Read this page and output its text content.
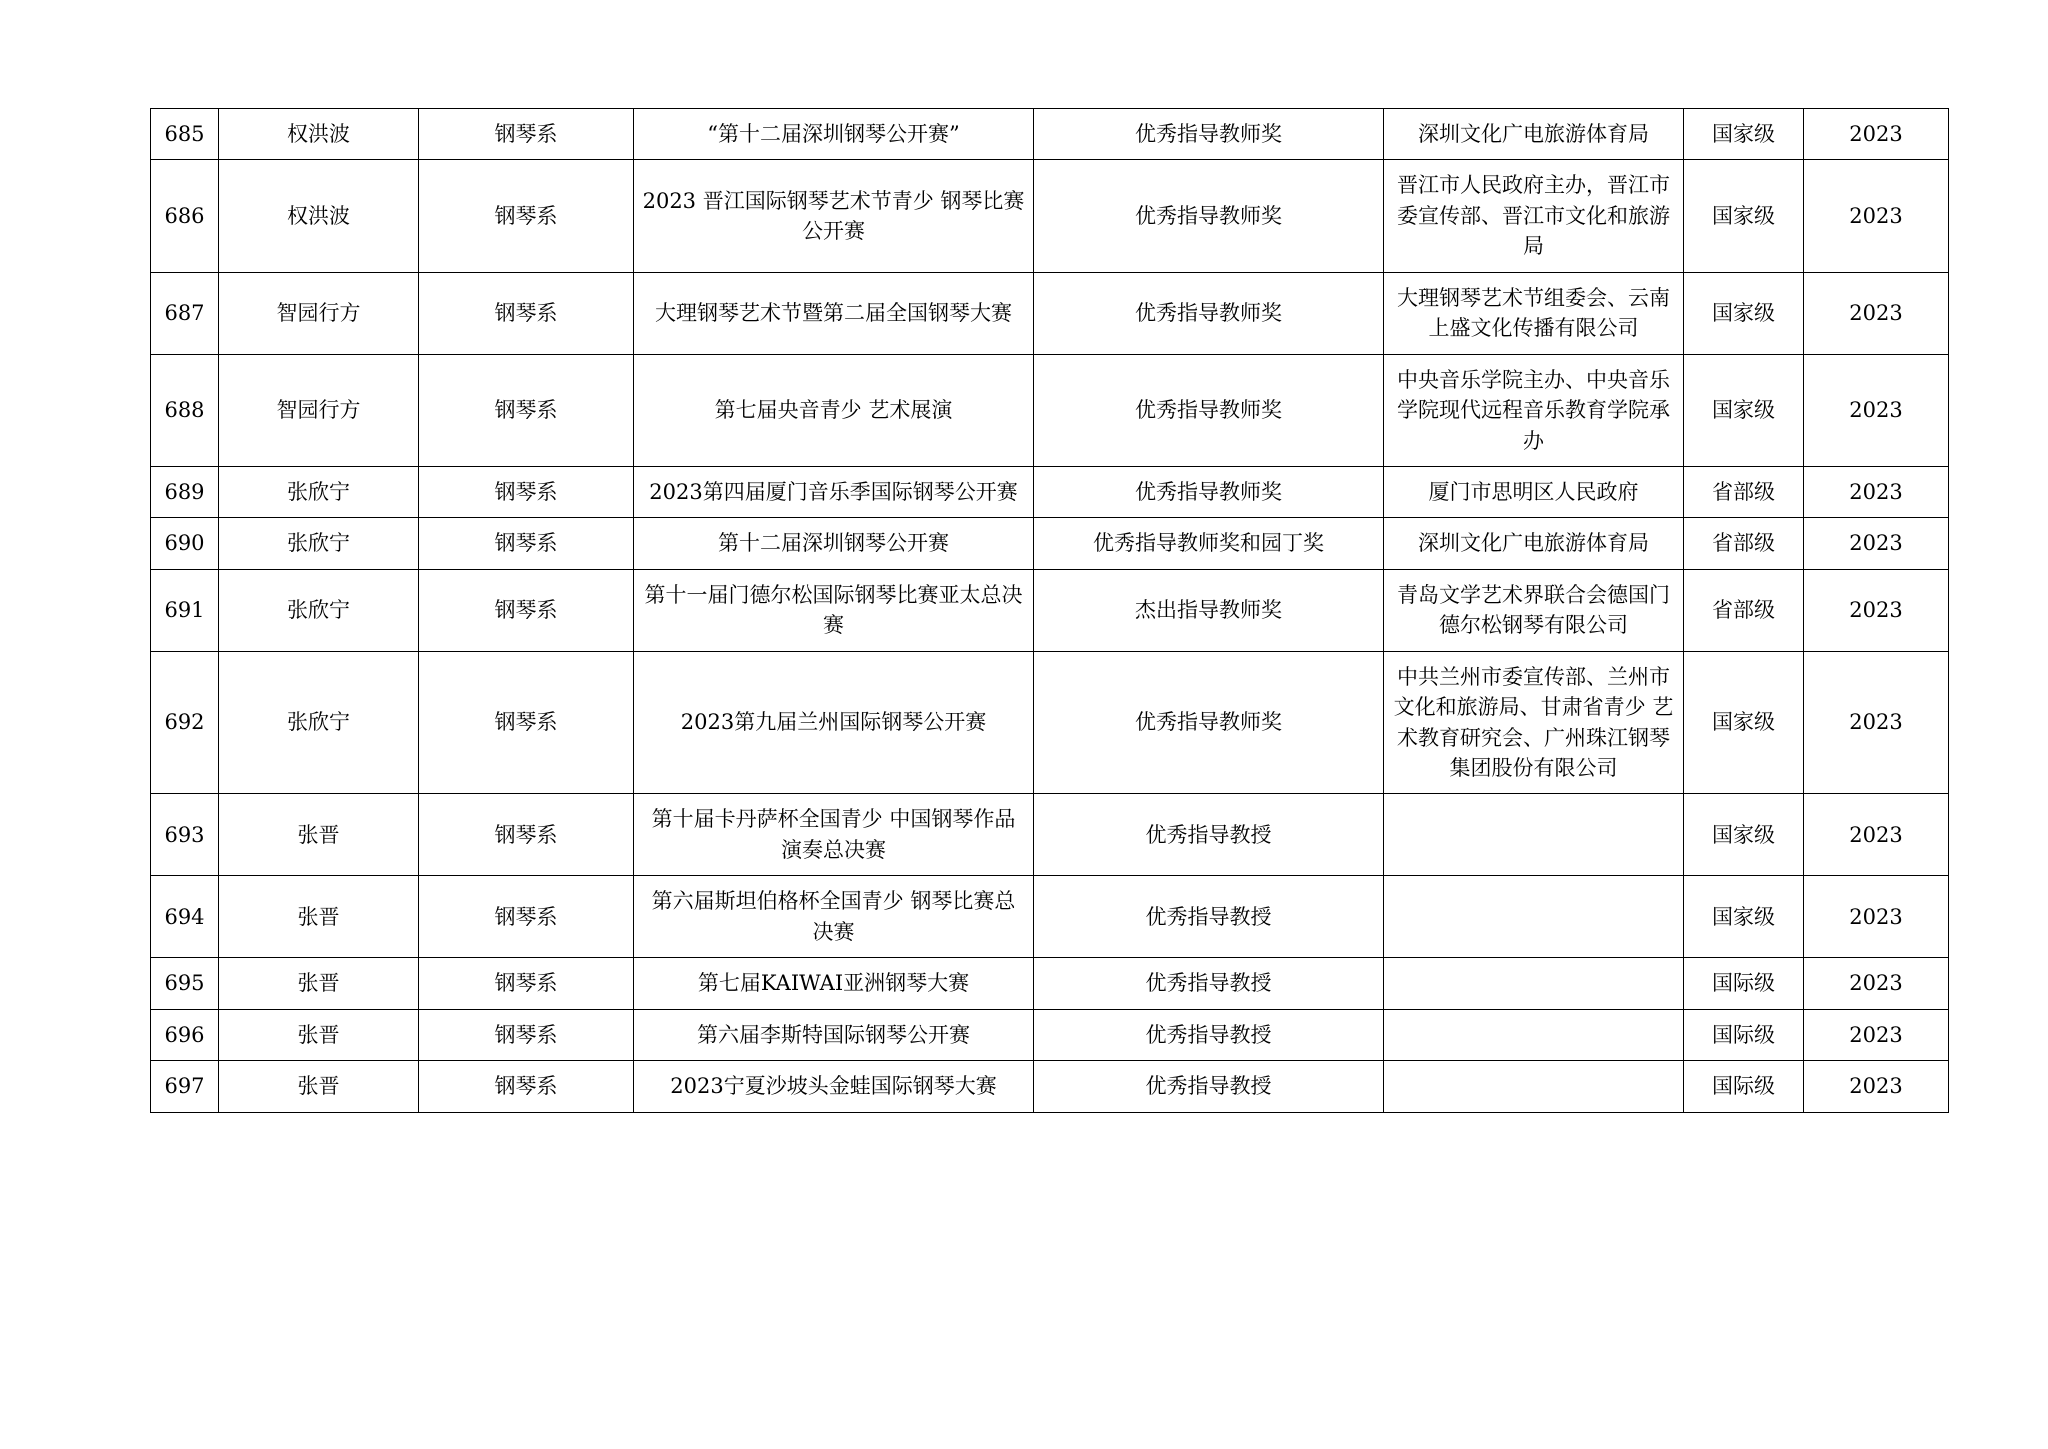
685	权洪波	钢琴系	“第十二届深圳钢琴公开赛”	优秀指导教师奖	深圳文化广电旅游体育局	国家级	2023
686	权洪波	钢琴系	2023 晋江国际钢琴艺术节青少 钢琴比赛公开赛	优秀指导教师奖	晋江市人民政府主办，晋江市委宣传部、晋江市文化和旅游局	国家级	2023
687	智园行方	钢琴系	大理钢琴艺术节暨第二届全国钢琴大赛	优秀指导教师奖	大理钢琴艺术节组委会、云南上盛文化传播有限公司	国家级	2023
688	智园行方	钢琴系	第七届央音青少 艺术展演	优秀指导教师奖	中央音乐学院主办、中央音乐学院现代远程音乐教育学院承办	国家级	2023
689	张欣宁	钢琴系	2023第四届厦门音乐季国际钢琴公开赛	优秀指导教师奖	厦门市思明区人民政府	省部级	2023
690	张欣宁	钢琴系	第十二届深圳钢琴公开赛	优秀指导教师奖和园丁奖	深圳文化广电旅游体育局	省部级	2023
691	张欣宁	钢琴系	第十一届门德尔松国际钢琴比赛亚太总决赛	杰出指导教师奖	青岛文学艺术界联合会德国门德尔松钢琴有限公司	省部级	2023
692	张欣宁	钢琴系	2023第九届兰州国际钢琴公开赛	优秀指导教师奖	中共兰州市委宣传部、兰州市文化和旅游局、甘肃省青少 艺术教育研究会、广州珠江钢琴集团股份有限公司	国家级	2023
693	张晋	钢琴系	第十届卡丹萨杯全国青少 中国钢琴作品演奏总决赛	优秀指导教授		国家级	2023
694	张晋	钢琴系	第六届斯坦伯格杯全国青少 钢琴比赛总决赛	优秀指导教授		国家级	2023
695	张晋	钢琴系	第七届KAIWAI亚洲钢琴大赛	优秀指导教授		国际级	2023
696	张晋	钢琴系	第六届李斯特国际钢琴公开赛	优秀指导教授		国际级	2023
697	张晋	钢琴系	2023宁夏沙坡头金蛙国际钢琴大赛	优秀指导教授		国际级	2023
